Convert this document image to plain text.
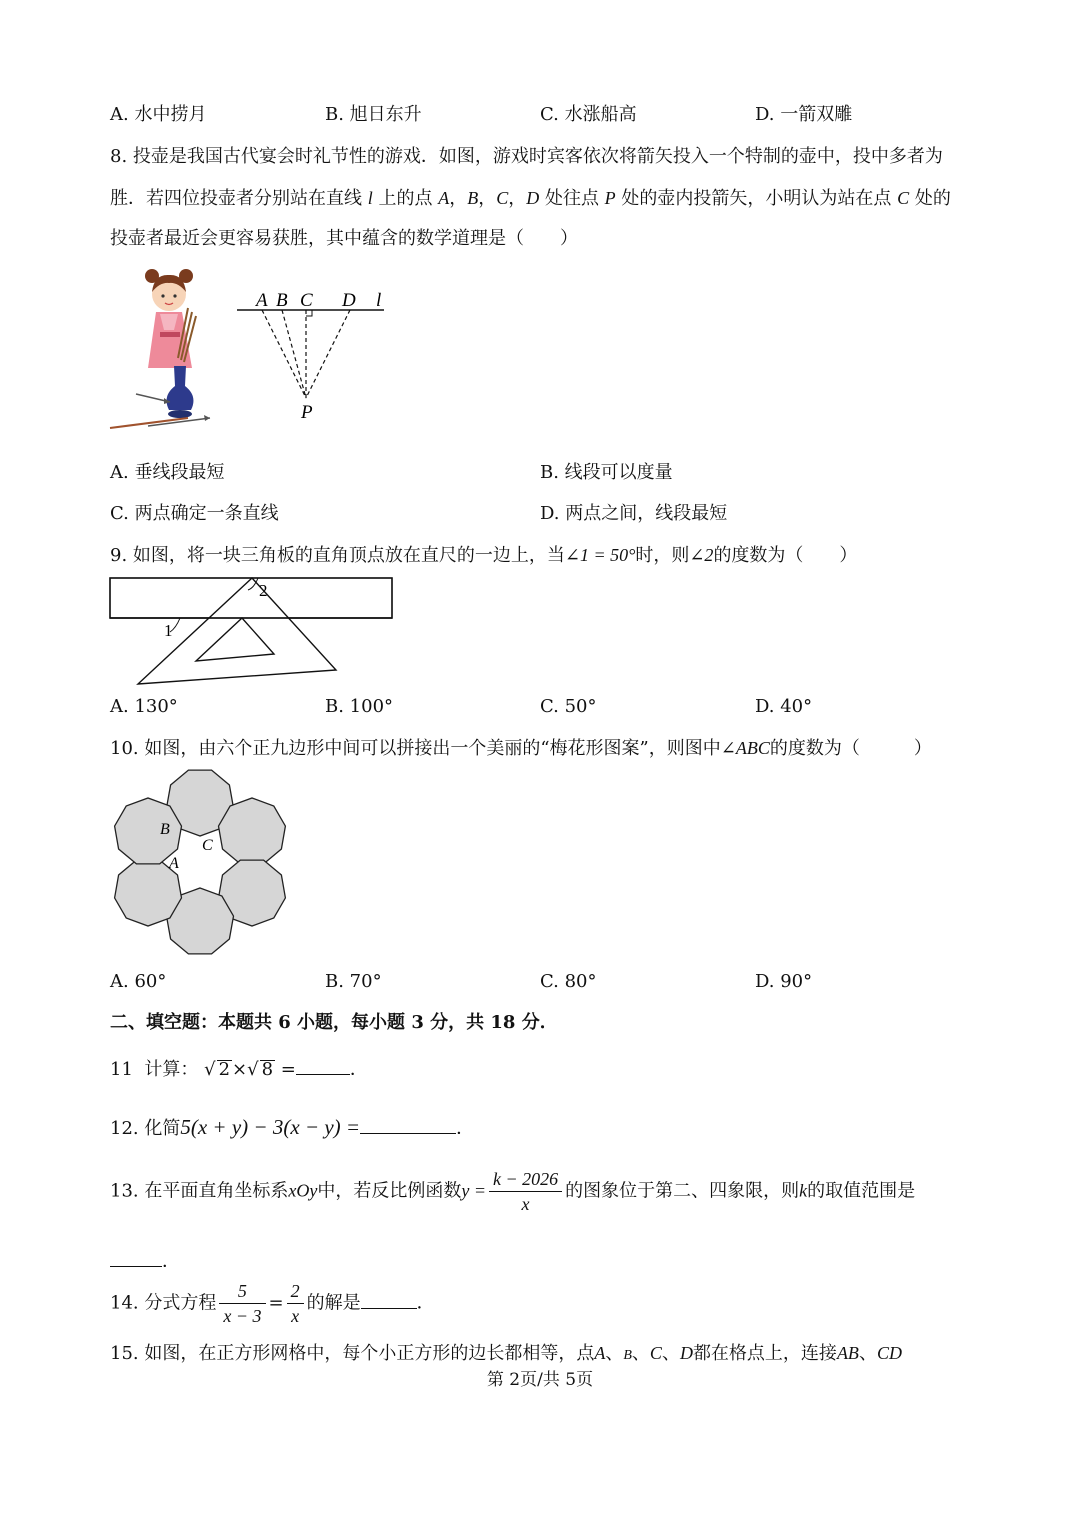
A. 水中捞月	B. 旭日东升	C. 水涨船高	D. 一箭双雕
8. 投壶是我国古代宴会时礼节性的游戏．如图，游戏时宾客依次将箭矢投入一个特制的壶中，投中多者为
胜．若四位投壶者分别站在直线 l 上的点 A，B，C，D 处往点 P 处的壶内投箭矢，小明认为站在点 C 处的
投壶者最近会更容易获胜，其中蕴含的数学道理是（　　）
A B C D l
P
A. 垂线段最短	B. 线段可以度量
C. 两点确定一条直线	D. 两点之间，线段最短
9. 如图，将一块三角板的直角顶点放在直尺的一边上，当∠1 = 50°时，则∠2的度数为（　　）
1
2
A. 130°	B. 100°	C. 50°	D. 40°
10. 如图，由六个正九边形中间可以拼接出一个美丽的“梅花形图案”，则图中∠ABC的度数为（　　　）
B
A
C
A. 60°	B. 70°	C. 80°	D. 90°
二、填空题：本题共 6 小题，每小题 3 分，共 18 分．
11 计算： √ 2 ×√ 8 =	．
12. 化简5(x + y) − 3(x − y) =	．
13. 在平面直角坐标系xOy中，若反比例函数$y = \frac{k - 2026}{x}$ 的图象位于第二、四象限，则k的取值范围是
．
14. 分式方程 $\frac{5}{x - 3} = \frac{2}{x}$ 的解是	．
15. 如图，在正方形网格中，每个小正方形的边长都相等，点A、B、C、D都在格点上，连接AB、CD
第 2页/共 5页
